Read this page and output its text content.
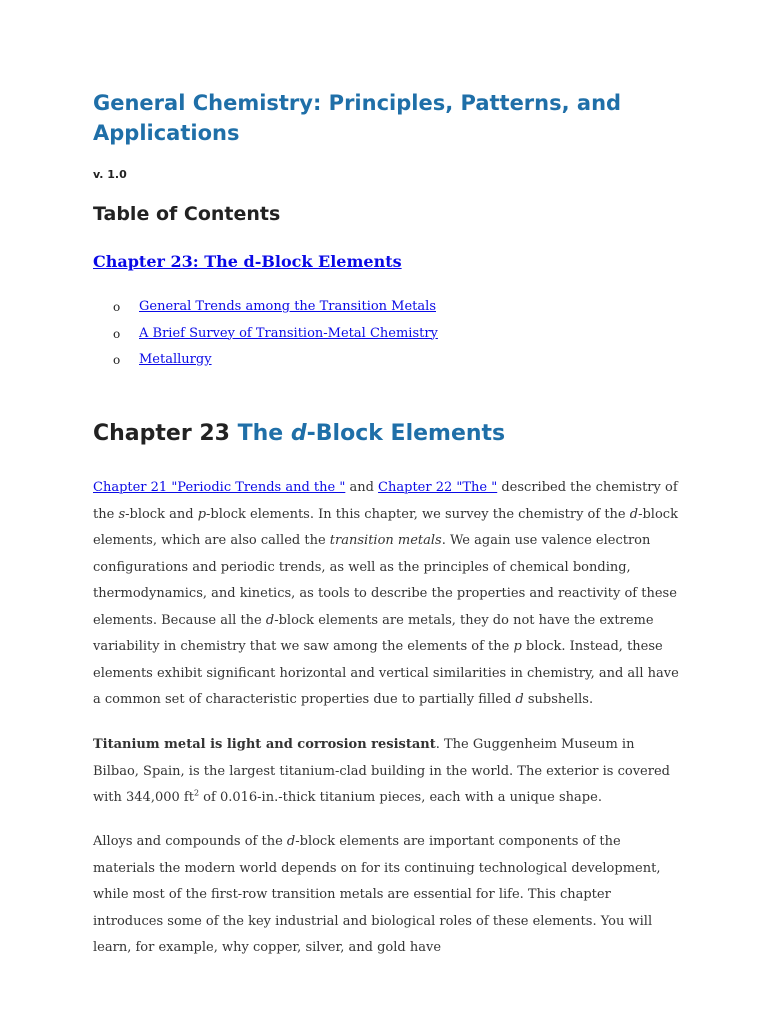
General Chemistry: Principles, Patterns, and Applications

v. 1.0

Table of Contents

Chapter 23: The d-Block Elements

o General Trends among the Transition Metals
o A Brief Survey of Transition-Metal Chemistry
o Metallurgy
Chapter 23 The d-Block Elements

Chapter 21 "Periodic Trends and the " and Chapter 22 "The " described the chemistry of the s-block and p-block elements. In this chapter, we survey the chemistry of the d-block elements, which are also called the transition metals. We again use valence electron configurations and periodic trends, as well as the principles of chemical bonding, thermodynamics, and kinetics, as tools to describe the properties and reactivity of these elements. Because all the d-block elements are metals, they do not have the extreme variability in chemistry that we saw among the elements of the p block. Instead, these elements exhibit significant horizontal and vertical similarities in chemistry, and all have a common set of characteristic properties due to partially filled d subshells.

Titanium metal is light and corrosion resistant. The Guggenheim Museum in Bilbao, Spain, is the largest titanium-clad building in the world. The exterior is covered with 344,000 $ft^2$ of 0.016-in.-thick titanium pieces, each with a unique shape.

Alloys and compounds of the d-block elements are important components of the materials the modern world depends on for its continuing technological development, while most of the first-row transition metals are essential for life. This chapter introduces some of the key industrial and biological roles of these elements. You will learn, for example, why copper, silver, and gold have
